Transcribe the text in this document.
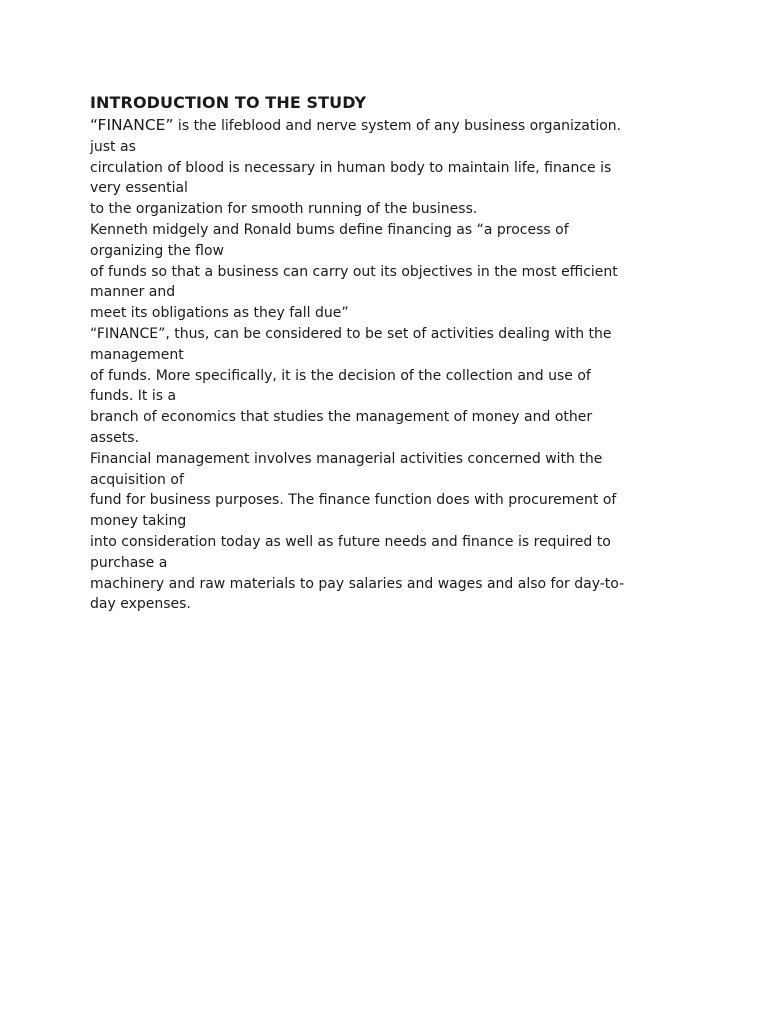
INTRODUCTION TO THE STUDY
“FINANCE” is the lifeblood and nerve system of any business organization.
just as
circulation of blood is necessary in human body to maintain life, finance is
very essential
to the organization for smooth running of the business.
Kenneth midgely and Ronald bums define financing as “a process of
organizing the flow
of funds so that a business can carry out its objectives in the most efficient
manner and
meet its obligations as they fall due”
“FINANCE”, thus, can be considered to be set of activities dealing with the
management
of funds. More specifically, it is the decision of the collection and use of
funds. It is a
branch of economics that studies the management of money and other
assets.
Financial management involves managerial activities concerned with the
acquisition of
fund for business purposes. The finance function does with procurement of
money taking
into consideration today as well as future needs and finance is required to
purchase a
machinery and raw materials to pay salaries and wages and also for day-to-
day expenses.
